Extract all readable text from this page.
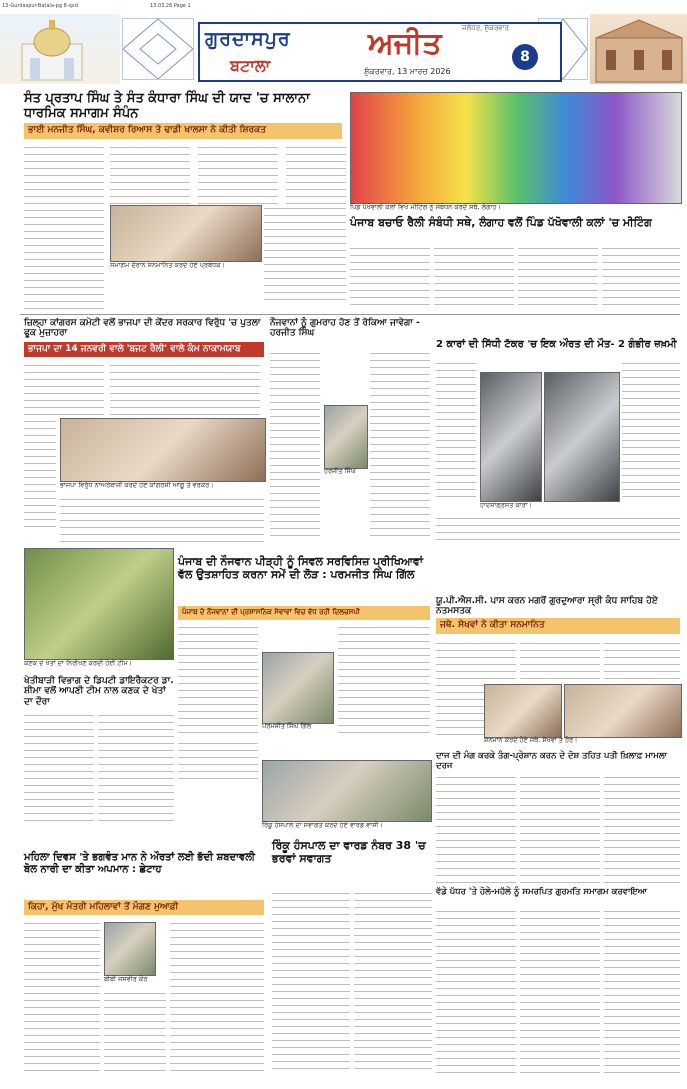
13-Gurdaspur-Batala-pg 8-qxd	13.03.26 Page 1
ਗੁਰਦਾਸਪੁਰ
ਬਟਾਲਾ
ਅਜੀਤ	ਜਲੰਧਰ, ਸ਼ੁੱਕਰਵਾਰ
ਸ਼ੁੱਕਰਵਾਰ, 13 ਮਾਰਚ 2026
8
ਸੰਤ ਪ੍ਰਤਾਪ ਸਿੰਘ ਤੇ ਸੰਤ ਕੰਧਾਰਾ ਸਿੰਘ ਦੀ ਯਾਦ 'ਚ ਸਾਲਾਨਾ ਧਾਰਮਿਕ ਸਮਾਗਮ ਸੰਪੰਨ
ਭਾਈ ਮਨਜੀਤ ਸਿੰਘ, ਕਵੀਸ਼ਰ ਰਿਆਸ ਤੇ ਢਾਡੀ ਖਾਲਸਾ ਨੇ ਕੀਤੀ ਸ਼ਿਰਕਤ
ਸਮਾਗਮ ਦੌਰਾਨ ਸਨਮਾਨਿਤ ਕਰਦੇ ਹੋਏ ਪ੍ਰਬੰਧਕ।
ਪਿੰਡ ਪੱਖੋਵਾਲੀ ਕਲਾਂ ਵਿਖੇ ਮੀਟਿੰਗ ਨੂੰ ਸੰਬੋਧਨ ਕਰਦੇ ਸਥੇ, ਲੰਗਾਹ।
ਪੰਜਾਬ ਬਚਾਓ ਰੈਲੀ ਸੰਬੰਧੀ ਸਥੇ, ਲੰਗਾਹ ਵਲੋਂ ਪਿੰਡ ਪੱਖੋਵਾਲੀ ਕਲਾਂ 'ਚ ਮੀਟਿੰਗ
ਜ਼ਿਲ੍ਹਾ ਕਾਂਗਰਸ ਕਮੇਟੀ ਵਲੋਂ ਭਾਜਪਾ ਦੀ ਕੇਂਦਰ ਸਰਕਾਰ ਵਿਰੁੱਧ 'ਚ ਪੁਤਲਾ ਫੂਕ ਮੁਜ਼ਾਹਰਾ
ਭਾਜਪਾ ਦਾ 14 ਜਨਵਰੀ ਵਾਲੇ 'ਬਜਟ ਰੈਲੀ' ਵਾਲੇ ਕੰਮ ਨਾਕਾਮਯਾਬ
ਭਾਜਪਾ ਵਿਰੁੱਧ ਨਾਅਰੇਬਾਜ਼ੀ ਕਰਦੇ ਹੋਏ ਕਾਂਗਰਸੀ ਆਗੂ ਤੇ ਵਰਕਰ।
ਨੌਜਵਾਨਾਂ ਨੂੰ ਗੁਮਰਾਹ ਹੋਣ ਤੋਂ ਰੋਕਿਆ ਜਾਵੇਗਾ - ਹਰਜੀਤ ਸਿੰਘ
ਹਰਜੀਤ ਸਿੰਘ
2 ਕਾਰਾਂ ਦੀ ਸਿੱਧੀ ਟੱਕਰ 'ਚ ਇਕ ਔਰਤ ਦੀ ਮੌਤ- 2 ਗੰਭੀਰ ਜ਼ਖ਼ਮੀ
ਹਾਦਸਾਗ੍ਰਸਤ ਕਾਰਾਂ।
ਕਣਕ ਦੇ ਖੇਤਾਂ ਦਾ ਨਿਰੀਖਣ ਕਰਦੀ ਹੋਈ ਟੀਮ।
ਪੰਜਾਬ ਦੀ ਨੌਜਵਾਨ ਪੀੜ੍ਹੀ ਨੂੰ ਸਿਵਲ ਸਰਵਿਸਿਜ਼ ਪ੍ਰੀਖਿਆਵਾਂ ਵੱਲ ਉਤਸ਼ਾਹਿਤ ਕਰਨਾ ਸਮੇਂ ਦੀ ਲੋੜ : ਪਰਮਜੀਤ ਸਿੰਘ ਗਿੱਲ
ਪੰਜਾਬ ਦੇ ਨੌਜਵਾਨਾਂ ਦੀ ਪ੍ਰਸ਼ਾਸਨਿਕ ਸੇਵਾਵਾਂ ਵਿਚ ਵੱਧ ਰਹੀ ਦਿਲਚਸਪੀ
ਪਰਮਜੀਤ ਸਿੰਘ ਗਿੱਲ
ਖੇਤੀਬਾੜੀ ਵਿਭਾਗ ਦੇ ਡਿਪਟੀ ਡਾਇਰੈਕਟਰ ਡਾ. ਸ਼ੀਮਾ ਵਲੋਂ ਆਪਣੀ ਟੀਮ ਨਾਲ ਕਣਕ ਦੇ ਖੇਤਾਂ ਦਾ ਦੌਰਾ
ਯੂ.ਪੀ.ਐਸ.ਸੀ. ਪਾਸ ਕਰਨ ਮਗਰੋਂ ਗੁਰਦੁਆਰਾ ਸ੍ਰੀ ਕੰਧ ਸਾਹਿਬ ਹੋਏ ਨਤਮਸਤਕ
ਜਥੇ. ਸੇਖਵਾਂ ਨੇ ਕੀਤਾ ਸਨਮਾਨਿਤ
ਸਨਮਾਨ ਕਰਦੇ ਹੋਏ ਜਥੇ. ਸੇਖਵਾਂ ਤੇ ਹੋਰ।
ਰਿੰਕੂ ਹੰਸਪਾਲ ਦਾ ਸਵਾਗਤ ਕਰਦੇ ਹੋਏ ਵਾਰਡ ਵਾਸੀ।
ਰਿੰਕੂ ਹੰਸਪਾਲ ਦਾ ਵਾਰਡ ਨੰਬਰ 38 'ਚ ਭਰਵਾਂ ਸਵਾਗਤ
ਦਾਜ ਦੀ ਮੰਗ ਕਰਕੇ ਤੰਗ-ਪ੍ਰੇਸ਼ਾਨ ਕਰਨ ਦੇ ਦੋਸ਼ ਤਹਿਤ ਪਤੀ ਖ਼ਿਲਾਫ਼ ਮਾਮਲਾ ਦਰਜ
ਮਹਿਲਾ ਦਿਵਸ 'ਤੇ ਭਗਵੰਤ ਮਾਨ ਨੇ ਔਰਤਾਂ ਲਈ ਭੱਦੀ ਸ਼ਬਦਾਵਲੀ ਬੋਲ ਨਾਰੀ ਦਾ ਕੀਤਾ ਅਪਮਾਨ : ਛੇਟਾਹ
ਕਿਹਾ, ਮੁੱਖ ਮੰਤਰੀ ਮਹਿਲਾਵਾਂ ਤੋਂ ਮੰਗਣ ਮੁਆਫ਼ੀ
ਬੀਬੀ ਜਸਵੀਰ ਕੌਰ
ਵੱਡੇ ਪੱਧਰ 'ਤੇ ਹੋਲੇ-ਮਹੱਲੇ ਨੂੰ ਸਮਰਪਿਤ ਗੁਰਮਤਿ ਸਮਾਗਮ ਕਰਵਾਇਆ
